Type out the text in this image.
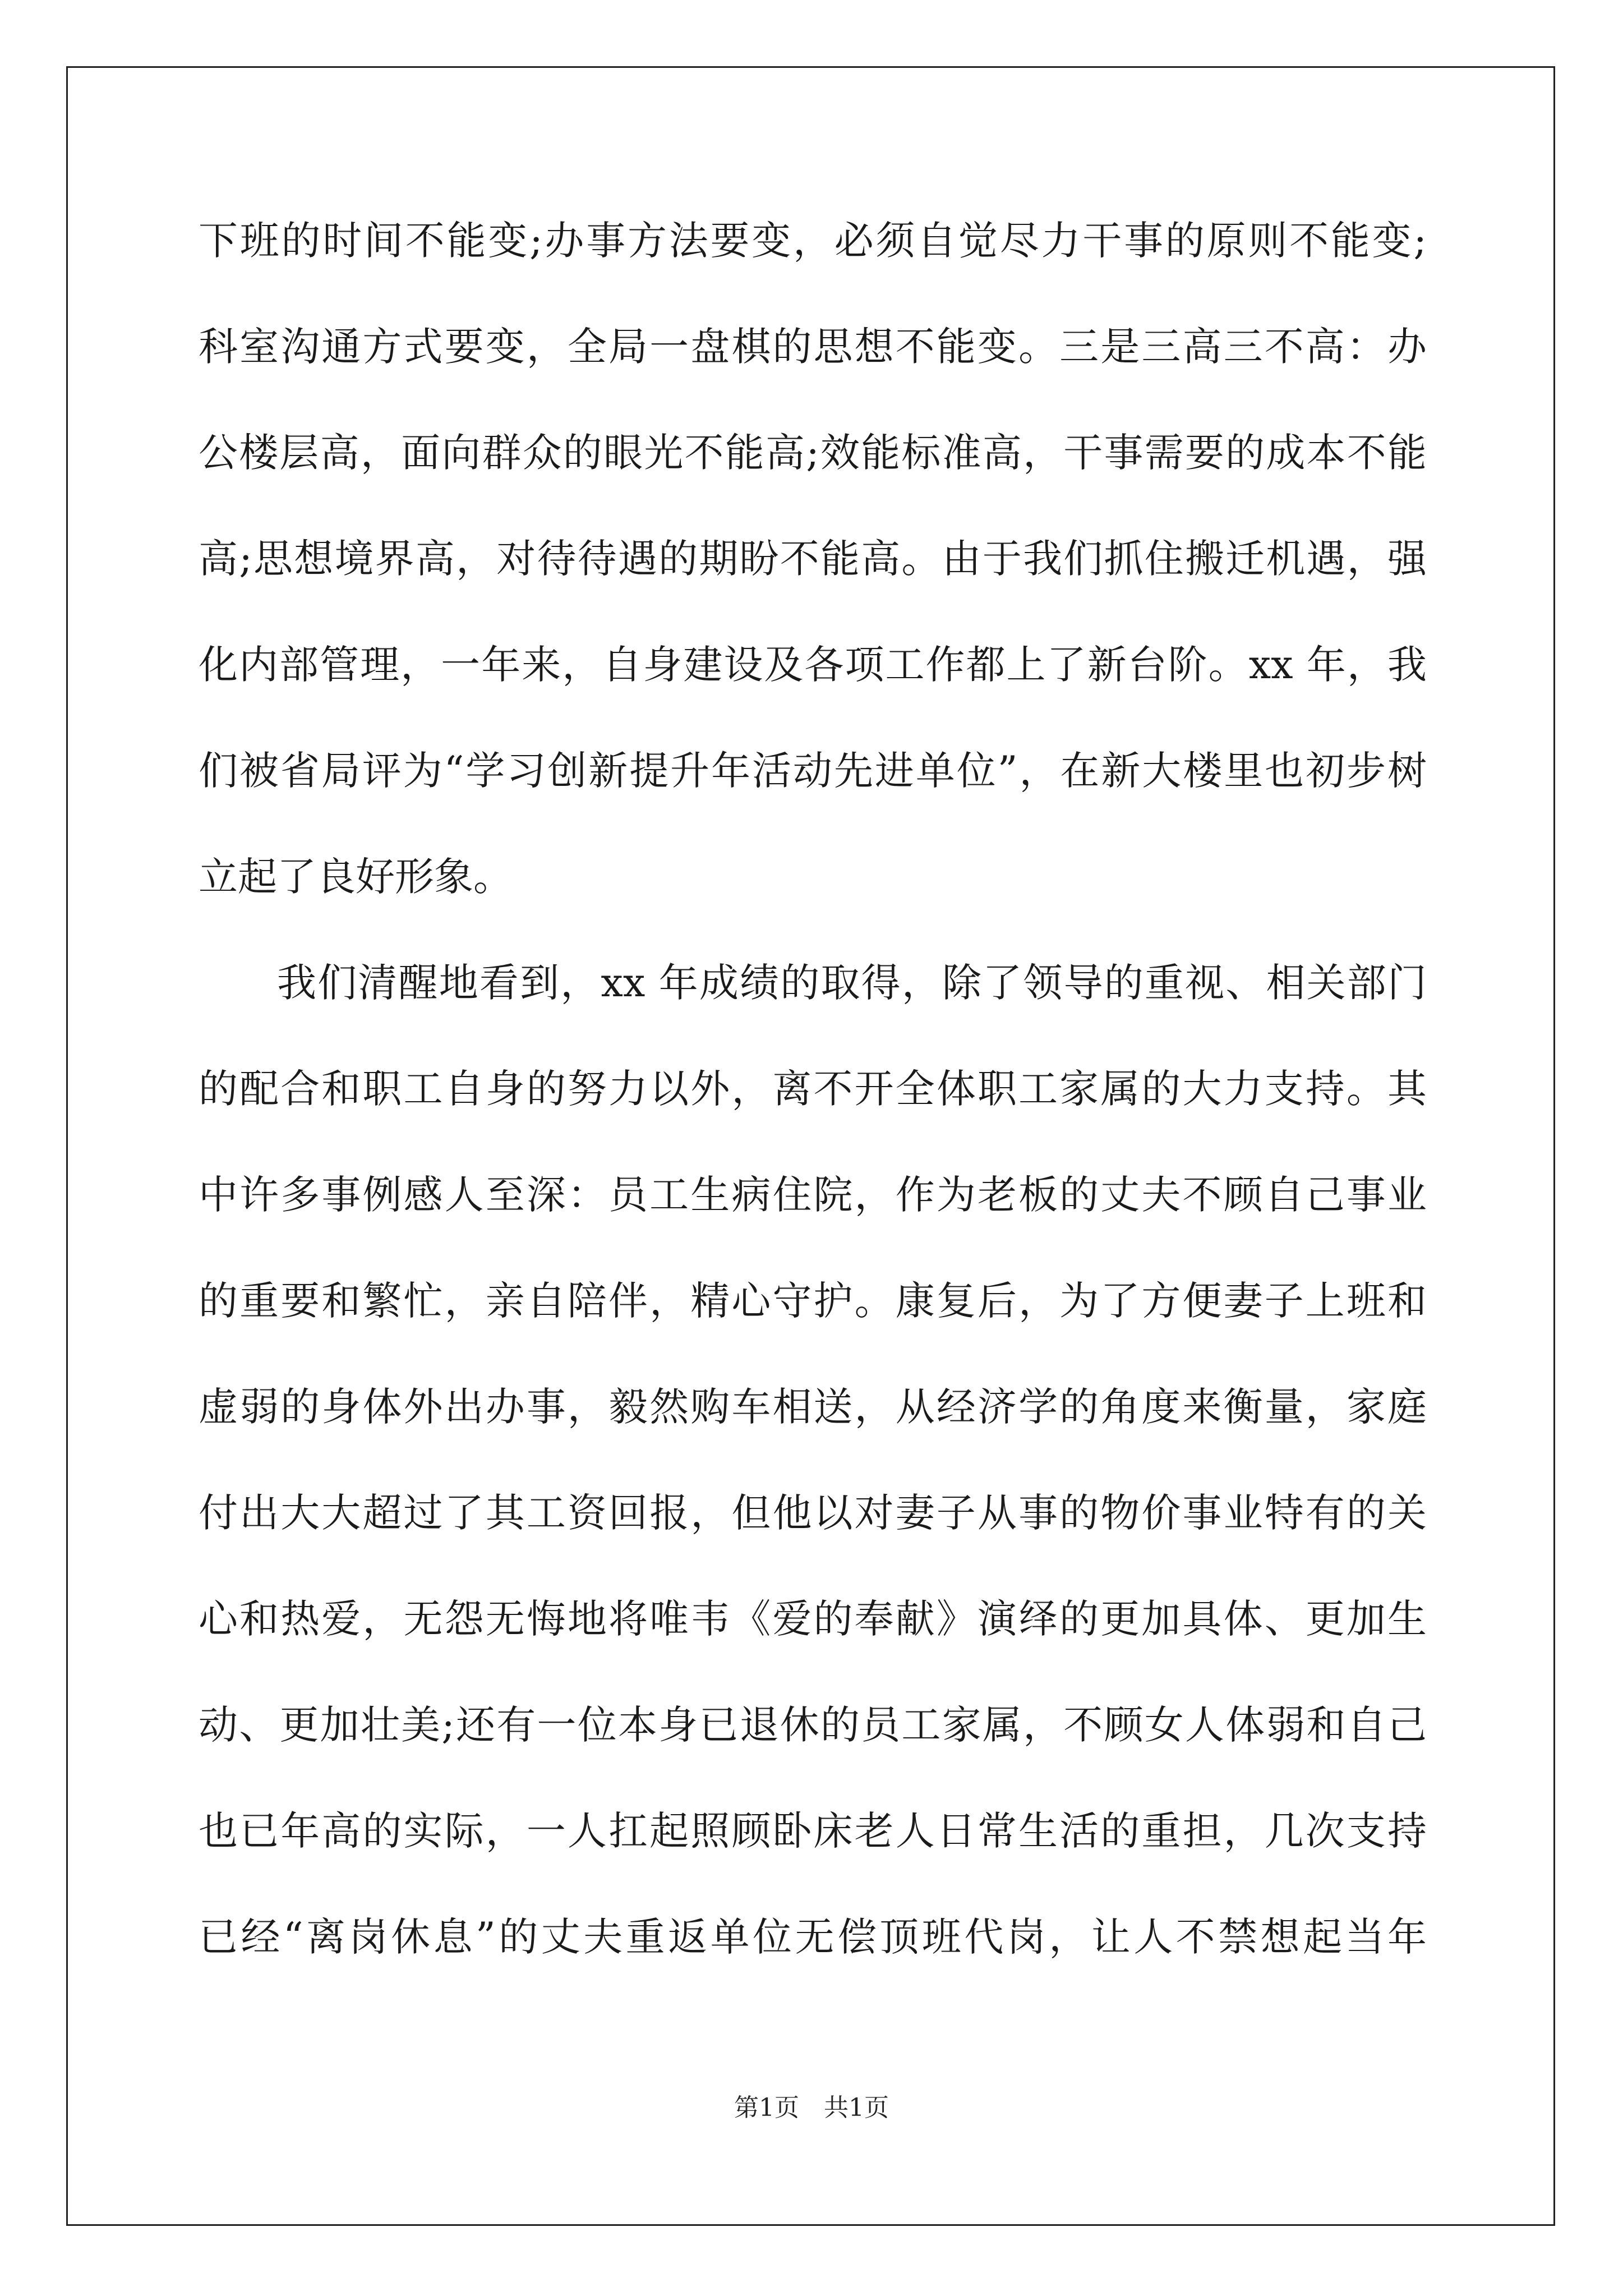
下班的时间不能变;办事方法要变，必须自觉尽力干事的原则不能变;
科室沟通方式要变，全局一盘棋的思想不能变。三是三高三不高：办
公楼层高，面向群众的眼光不能高;效能标准高，干事需要的成本不能
高;思想境界高，对待待遇的期盼不能高。由于我们抓住搬迁机遇，强
化内部管理，一年来，自身建设及各项工作都上了新台阶。xx 年，我
们被省局评为“学习创新提升年活动先进单位”，在新大楼里也初步树
立起了良好形象。
我们清醒地看到，xx 年成绩的取得，除了领导的重视、相关部门
的配合和职工自身的努力以外，离不开全体职工家属的大力支持。其
中许多事例感人至深：员工生病住院，作为老板的丈夫不顾自己事业
的重要和繁忙，亲自陪伴，精心守护。康复后，为了方便妻子上班和
虚弱的身体外出办事，毅然购车相送，从经济学的角度来衡量，家庭
付出大大超过了其工资回报，但他以对妻子从事的物价事业特有的关
心和热爱，无怨无悔地将唯韦《爱的奉献》演绎的更加具体、更加生
动、更加壮美;还有一位本身已退休的员工家属，不顾女人体弱和自己
也已年高的实际，一人扛起照顾卧床老人日常生活的重担，几次支持
已经“离岗休息”的丈夫重返单位无偿顶班代岗，让人不禁想起当年
第1页　共1页
